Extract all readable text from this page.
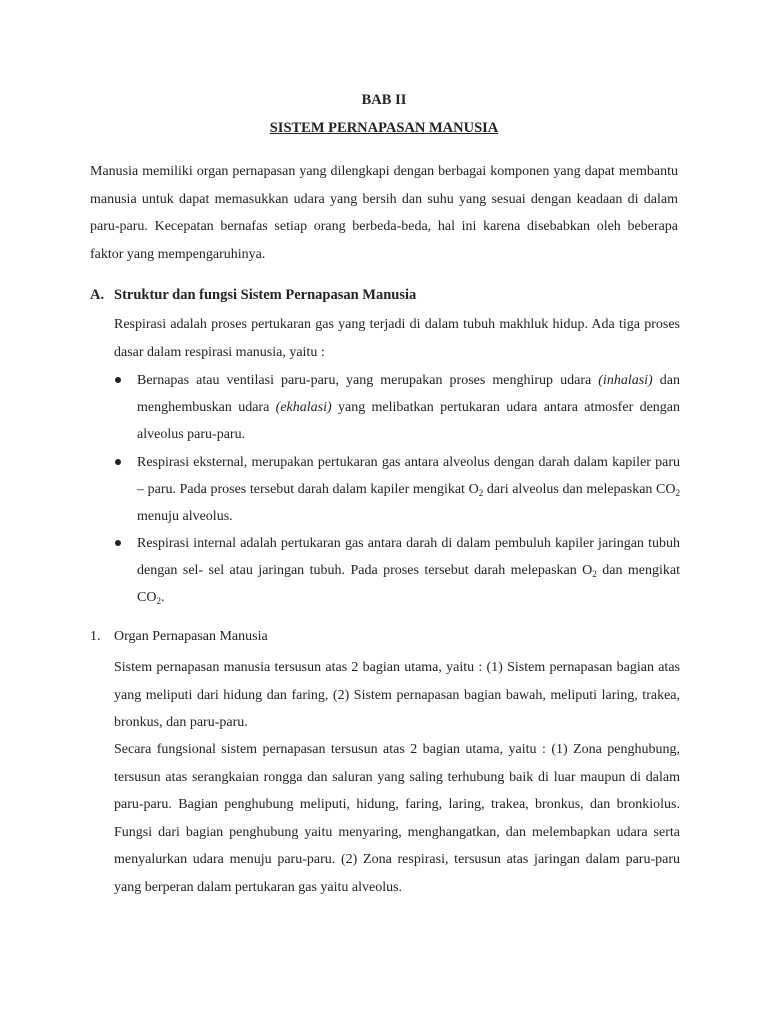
BAB II
SISTEM PERNAPASAN MANUSIA
Manusia memiliki organ pernapasan yang dilengkapi dengan berbagai komponen yang dapat membantu manusia untuk dapat memasukkan udara yang bersih dan suhu yang sesuai dengan keadaan di dalam paru-paru. Kecepatan bernafas setiap orang berbeda-beda, hal ini karena disebabkan oleh beberapa faktor yang mempengaruhinya.
A. Struktur dan fungsi Sistem Pernapasan Manusia
Respirasi adalah proses pertukaran gas yang terjadi di dalam tubuh makhluk hidup. Ada tiga proses dasar dalam respirasi manusia, yaitu :
Bernapas atau ventilasi paru-paru, yang merupakan proses menghirup udara (inhalasi) dan menghembuskan udara (ekhalasi) yang melibatkan pertukaran udara antara atmosfer dengan alveolus paru-paru.
Respirasi eksternal, merupakan pertukaran gas antara alveolus dengan darah dalam kapiler paru – paru. Pada proses tersebut darah dalam kapiler mengikat $O_2$ dari alveolus dan melepaskan $CO_2$ menuju alveolus.
Respirasi internal adalah pertukaran gas antara darah di dalam pembuluh kapiler jaringan tubuh dengan sel- sel atau jaringan tubuh. Pada proses tersebut darah melepaskan $O_2$ dan mengikat $CO_2$.
1. Organ Pernapasan Manusia
Sistem pernapasan manusia tersusun atas 2 bagian utama, yaitu : (1) Sistem pernapasan bagian atas yang meliputi dari hidung dan faring, (2) Sistem pernapasan bagian bawah, meliputi laring, trakea, bronkus, dan paru-paru.
Secara fungsional sistem pernapasan tersusun atas 2 bagian utama, yaitu : (1) Zona penghubung, tersusun atas serangkaian rongga dan saluran yang saling terhubung baik di luar maupun di dalam paru-paru. Bagian penghubung meliputi, hidung, faring, laring, trakea, bronkus, dan bronkiolus. Fungsi dari bagian penghubung yaitu menyaring, menghangatkan, dan melembapkan udara serta menyalurkan udara menuju paru-paru. (2) Zona respirasi, tersusun atas jaringan dalam paru-paru yang berperan dalam pertukaran gas yaitu alveolus.
